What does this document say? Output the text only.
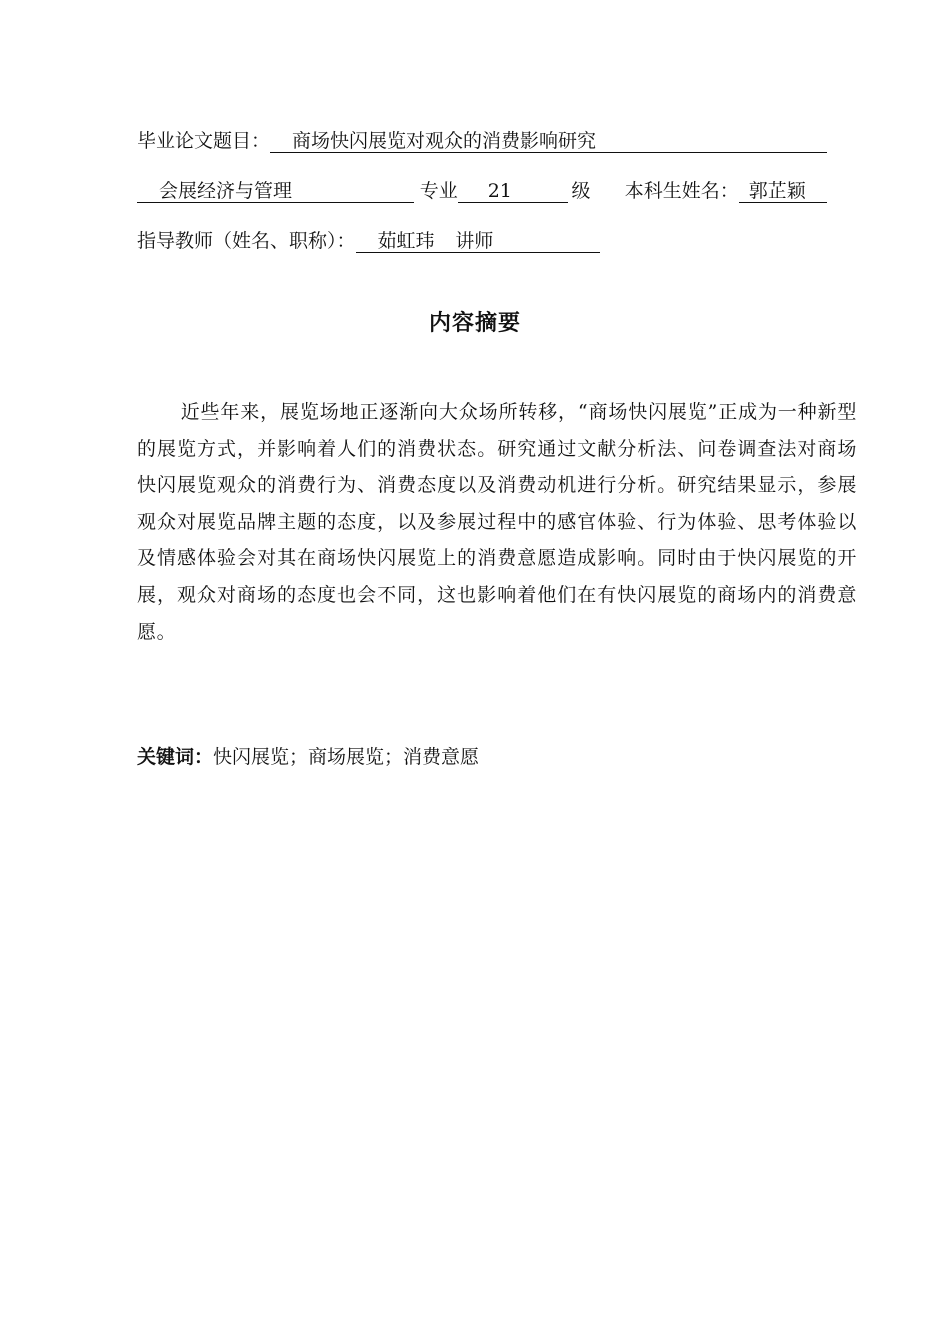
毕业论文题目： 商场快闪展览对观众的消费影响研究
会展经济与管理	专业 21	级 本科生姓名： 郭芷颖
指导教师（姓名、职称）： 茹虹玮 讲师
内容摘要
近些年来，展览场地正逐渐向大众场所转移，“商场快闪展览”正成为一种新型的展览方式，并影响着人们的消费状态。研究通过文献分析法、问卷调查法对商场快闪展览观众的消费行为、消费态度以及消费动机进行分析。研究结果显示，参展观众对展览品牌主题的态度，以及参展过程中的感官体验、行为体验、思考体验以及情感体验会对其在商场快闪展览上的消费意愿造成影响。同时由于快闪展览的开展，观众对商场的态度也会不同，这也影响着他们在有快闪展览的商场内的消费意愿。
关键词：快闪展览；商场展览；消费意愿
